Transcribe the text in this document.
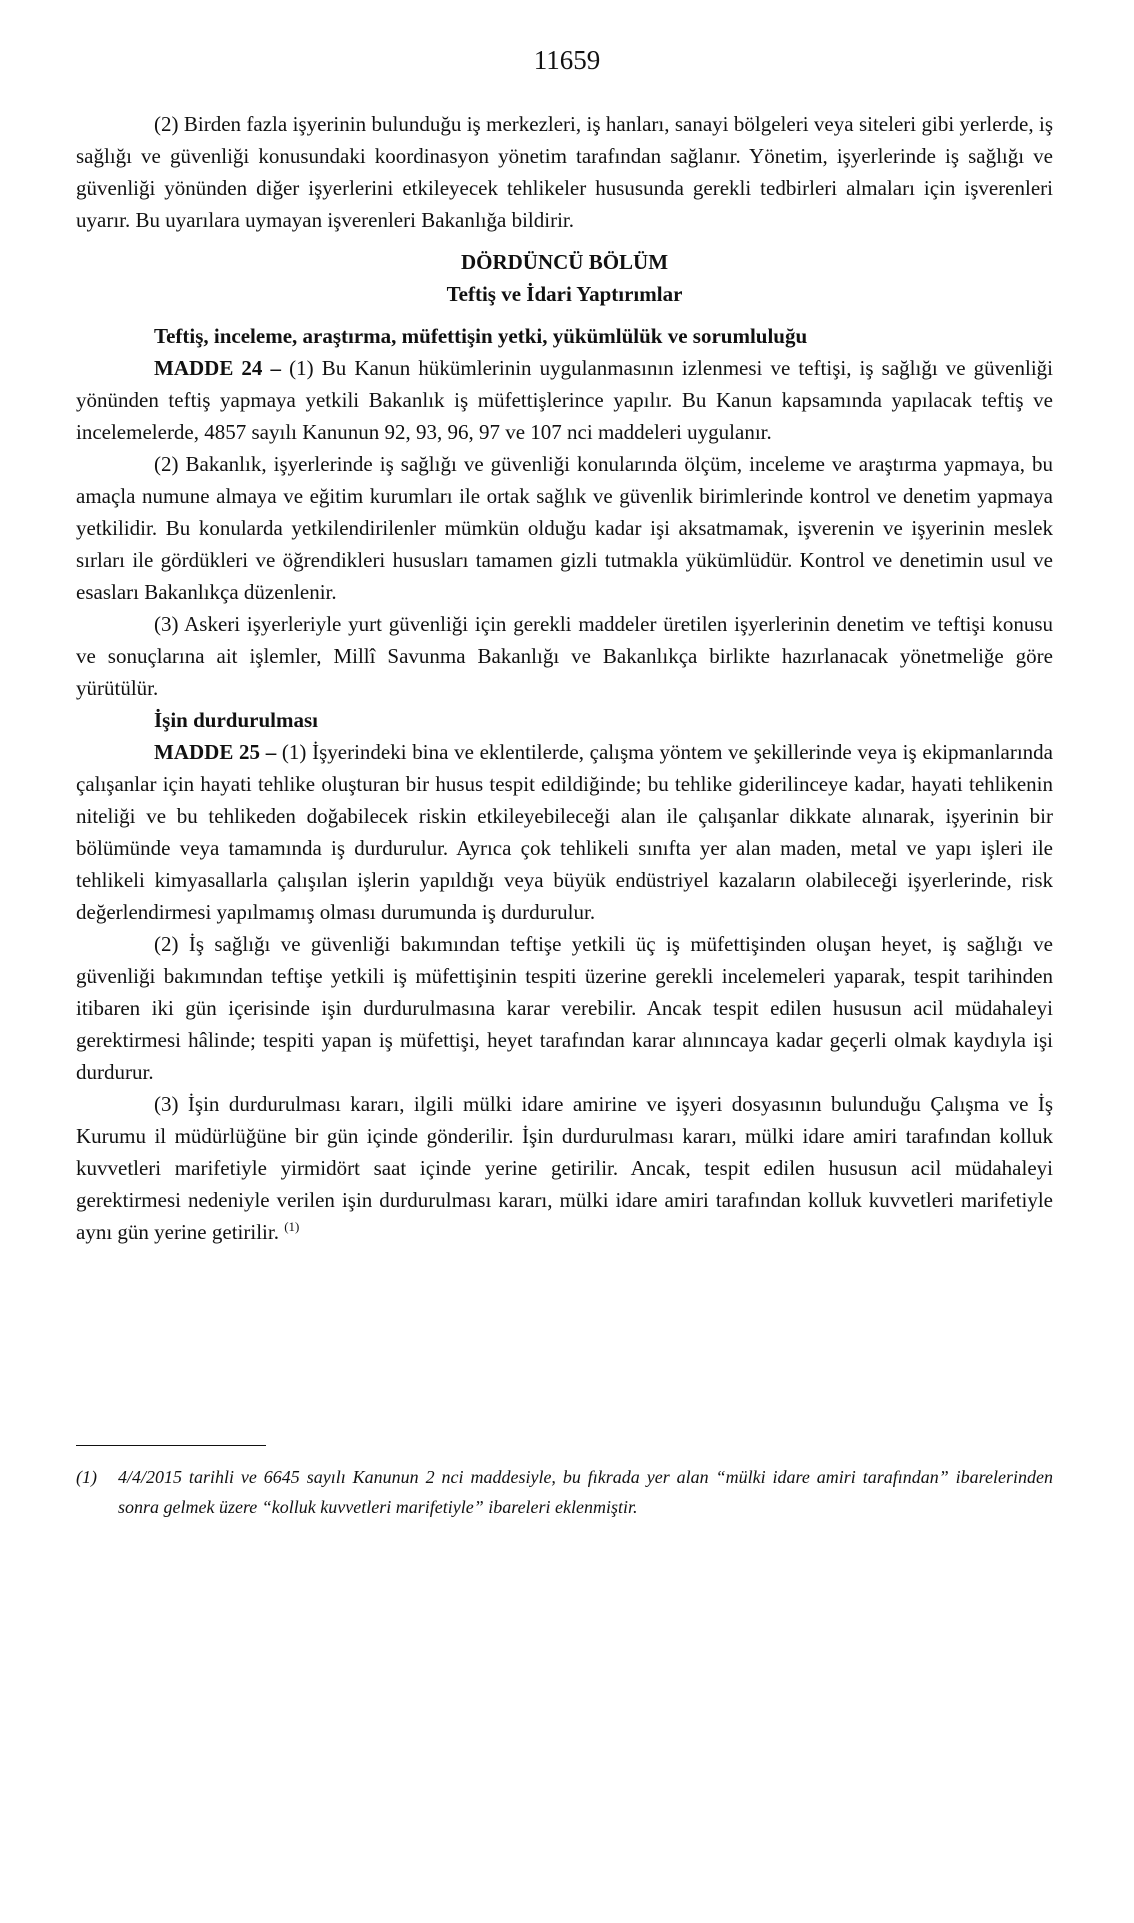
11659

(2) Birden fazla işyerinin bulunduğu iş merkezleri, iş hanları, sanayi bölgeleri veya siteleri gibi yerlerde, iş sağlığı ve güvenliği konusundaki koordinasyon yönetim tarafından sağlanır. Yönetim, işyerlerinde iş sağlığı ve güvenliği yönünden diğer işyerlerini etkileyecek tehlikeler hususunda gerekli tedbirleri almaları için işverenleri uyarır. Bu uyarılara uymayan işverenleri Bakanlığa bildirir.

DÖRDÜNCÜ BÖLÜM
Teftiş ve İdari Yaptırımlar
Teftiş, inceleme, araştırma, müfettişin yetki, yükümlülük ve sorumluluğu

MADDE 24 – (1) Bu Kanun hükümlerinin uygulanmasının izlenmesi ve teftişi, iş sağlığı ve güvenliği yönünden teftiş yapmaya yetkili Bakanlık iş müfettişlerince yapılır. Bu Kanun kapsamında yapılacak teftiş ve incelemelerde, 4857 sayılı Kanunun 92, 93, 96, 97 ve 107 nci maddeleri uygulanır.

(2) Bakanlık, işyerlerinde iş sağlığı ve güvenliği konularında ölçüm, inceleme ve araştırma yapmaya, bu amaçla numune almaya ve eğitim kurumları ile ortak sağlık ve güvenlik birimlerinde kontrol ve denetim yapmaya yetkilidir. Bu konularda yetkilendirilenler mümkün olduğu kadar işi aksatmamak, işverenin ve işyerinin meslek sırları ile gördükleri ve öğrendikleri hususları tamamen gizli tutmakla yükümlüdür. Kontrol ve denetimin usul ve esasları Bakanlıkça düzenlenir.

(3) Askeri işyerleriyle yurt güvenliği için gerekli maddeler üretilen işyerlerinin denetim ve teftişi konusu ve sonuçlarına ait işlemler, Millî Savunma Bakanlığı ve Bakanlıkça birlikte hazırlanacak yönetmeliğe göre yürütülür.

İşin durdurulması

MADDE 25 – (1) İşyerindeki bina ve eklentilerde, çalışma yöntem ve şekillerinde veya iş ekipmanlarında çalışanlar için hayati tehlike oluşturan bir husus tespit edildiğinde; bu tehlike giderilinceye kadar, hayati tehlikenin niteliği ve bu tehlikeden doğabilecek riskin etkileyebileceği alan ile çalışanlar dikkate alınarak, işyerinin bir bölümünde veya tamamında iş durdurulur. Ayrıca çok tehlikeli sınıfta yer alan maden, metal ve yapı işleri ile tehlikeli kimyasallarla çalışılan işlerin yapıldığı veya büyük endüstriyel kazaların olabileceği işyerlerinde, risk değerlendirmesi yapılmamış olması durumunda iş durdurulur.

(2) İş sağlığı ve güvenliği bakımından teftişe yetkili üç iş müfettişinden oluşan heyet, iş sağlığı ve güvenliği bakımından teftişe yetkili iş müfettişinin tespiti üzerine gerekli incelemeleri yaparak, tespit tarihinden itibaren iki gün içerisinde işin durdurulmasına karar verebilir. Ancak tespit edilen hususun acil müdahaleyi gerektirmesi hâlinde; tespiti yapan iş müfettişi, heyet tarafından karar alınıncaya kadar geçerli olmak kaydıyla işi durdurur.

(3) İşin durdurulması kararı, ilgili mülki idare amirine ve işyeri dosyasının bulunduğu Çalışma ve İş Kurumu il müdürlüğüne bir gün içinde gönderilir. İşin durdurulması kararı, mülki idare amiri tarafından kolluk kuvvetleri marifetiyle yirmidört saat içinde yerine getirilir. Ancak, tespit edilen hususun acil müdahaleyi gerektirmesi nedeniyle verilen işin durdurulması kararı, mülki idare amiri tarafından kolluk kuvvetleri marifetiyle aynı gün yerine getirilir. $^{(1)}$

(1) 4/4/2015 tarihli ve 6645 sayılı Kanunun 2 nci maddesiyle, bu fıkrada yer alan “mülki idare amiri tarafından” ibarelerinden sonra gelmek üzere “kolluk kuvvetleri marifetiyle” ibareleri eklenmiştir.
